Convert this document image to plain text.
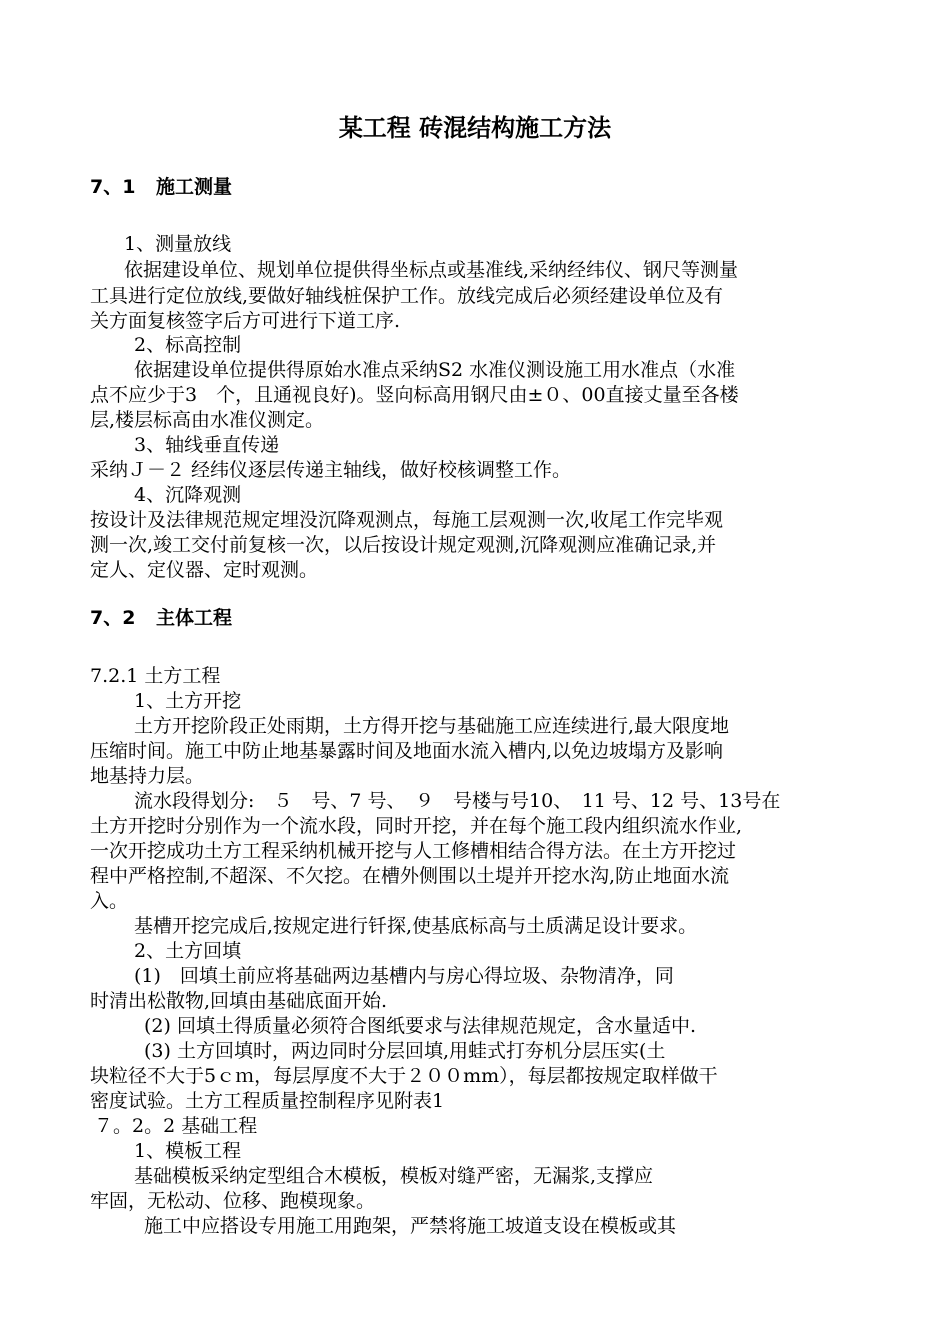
某工程 砖混结构施工方法
7、1 施工测量
1、测量放线
依据建设单位、规划单位提供得坐标点或基准线,采纳经纬仪、钢尺等测量
工具进行定位放线,要做好轴线桩保护工作。放线完成后必须经建设单位及有
关方面复核签字后方可进行下道工序.
2、标高控制
依据建设单位提供得原始水准点采纳S2 水准仪测设施工用水准点（水准
点不应少于3　个，且通视良好)。竖向标高用钢尺由±０、00直接丈量至各楼
层,楼层标高由水准仪测定。
3、轴线垂直传递
采纳Ｊ－２ 经纬仪逐层传递主轴线，做好校核调整工作。
4、沉降观测
按设计及法律规范规定埋没沉降观测点，每施工层观测一次,收尾工作完毕观
测一次,竣工交付前复核一次，以后按设计规定观测,沉降观测应准确记录,并
定人、定仪器、定时观测。
7、2 主体工程
7.2.1 土方工程
1、土方开挖
土方开挖阶段正处雨期，土方得开挖与基础施工应连续进行,最大限度地
压缩时间。施工中防止地基暴露时间及地面水流入槽内,以免边坡塌方及影响
地基持力层。
流水段得划分:　５　号、7 号、　９　号楼与号10、　11 号、12 号、13号在
土方开挖时分别作为一个流水段，同时开挖，并在每个施工段内组织流水作业,
一次开挖成功土方工程采纳机械开挖与人工修槽相结合得方法。在土方开挖过
程中严格控制,不超深、不欠挖。在槽外侧围以土堤并开挖水沟,防止地面水流
入。
基槽开挖完成后,按规定进行钎探,使基底标高与土质满足设计要求。
2、土方回填
(1)　回填土前应将基础两边基槽内与房心得垃圾、杂物清净，同
时清出松散物,回填由基础底面开始.
(2) 回填土得质量必须符合图纸要求与法律规范规定，含水量适中.
(3) 土方回填时，两边同时分层回填,用蛙式打夯机分层压实(土
块粒径不大于5ｃｍ，每层厚度不大于２００mm），每层都按规定取样做干
密度试验。土方工程质量控制程序见附表1
７。2。2 基础工程
1、模板工程
基础模板采纳定型组合木模板，模板对缝严密，无漏浆,支撑应
牢固，无松动、位移、跑模现象。
施工中应搭设专用施工用跑架，严禁将施工坡道支设在模板或其
